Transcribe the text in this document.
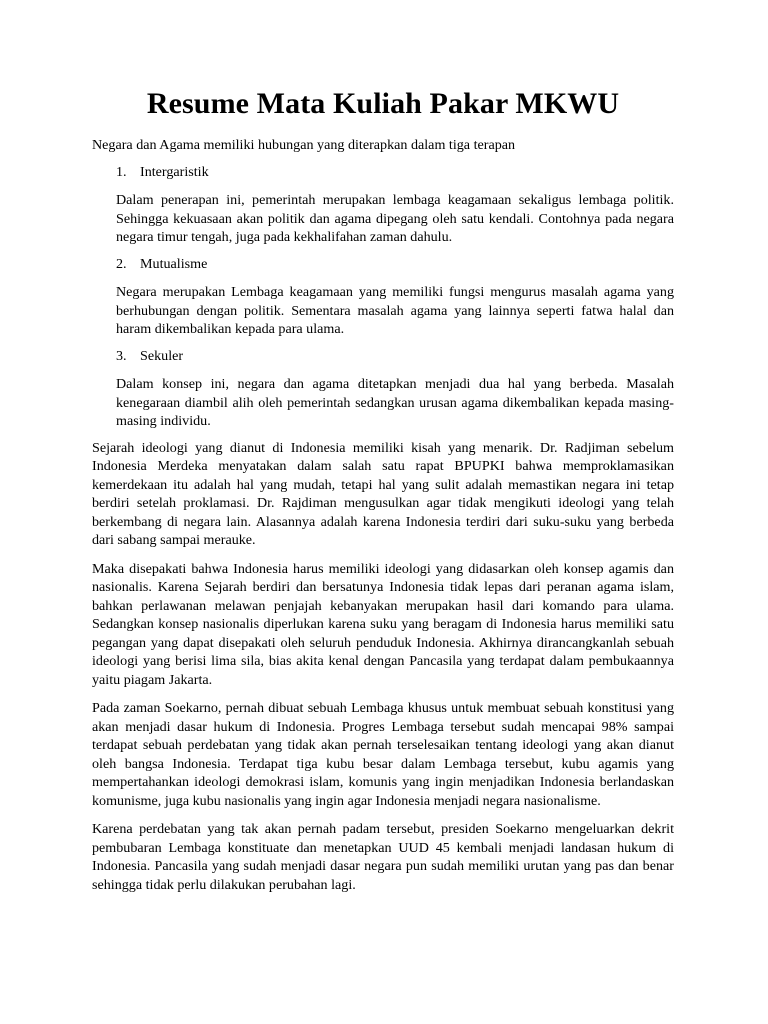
Resume Mata Kuliah Pakar MKWU

Negara dan Agama memiliki hubungan yang diterapkan dalam tiga terapan

1. Intergaristik

Dalam penerapan ini, pemerintah merupakan lembaga keagamaan sekaligus lembaga politik. Sehingga kekuasaan akan politik dan agama dipegang oleh satu kendali. Contohnya pada negara negara timur tengah, juga pada kekhalifahan zaman dahulu.

2. Mutualisme

Negara merupakan Lembaga keagamaan yang memiliki fungsi mengurus masalah agama yang berhubungan dengan politik. Sementara masalah agama yang lainnya seperti fatwa halal dan haram dikembalikan kepada para ulama.

3. Sekuler

Dalam konsep ini, negara dan agama ditetapkan menjadi dua hal yang berbeda. Masalah kenegaraan diambil alih oleh pemerintah sedangkan urusan agama dikembalikan kepada masing-masing individu.

Sejarah ideologi yang dianut di Indonesia memiliki kisah yang menarik. Dr. Radjiman sebelum Indonesia Merdeka menyatakan dalam salah satu rapat BPUPKI bahwa memproklamasikan kemerdekaan itu adalah hal yang mudah, tetapi hal yang sulit adalah memastikan negara ini tetap berdiri setelah proklamasi. Dr. Rajdiman mengusulkan agar tidak mengikuti ideologi yang telah berkembang di negara lain. Alasannya adalah karena Indonesia terdiri dari suku-suku yang berbeda dari sabang sampai merauke.

Maka disepakati bahwa Indonesia harus memiliki ideologi yang didasarkan oleh konsep agamis dan nasionalis. Karena Sejarah berdiri dan bersatunya Indonesia tidak lepas dari peranan agama islam, bahkan perlawanan melawan penjajah kebanyakan merupakan hasil dari komando para ulama. Sedangkan konsep nasionalis diperlukan karena suku yang beragam di Indonesia harus memiliki satu pegangan yang dapat disepakati oleh seluruh penduduk Indonesia. Akhirnya dirancangkanlah sebuah ideologi yang berisi lima sila, bias akita kenal dengan Pancasila yang terdapat dalam pembukaannya yaitu piagam Jakarta.

Pada zaman Soekarno, pernah dibuat sebuah Lembaga khusus untuk membuat sebuah konstitusi yang akan menjadi dasar hukum di Indonesia. Progres Lembaga tersebut sudah mencapai 98% sampai terdapat sebuah perdebatan yang tidak akan pernah terselesaikan tentang ideologi yang akan dianut oleh bangsa Indonesia. Terdapat tiga kubu besar dalam Lembaga tersebut, kubu agamis yang mempertahankan ideologi demokrasi islam, komunis yang ingin menjadikan Indonesia berlandaskan komunisme, juga kubu nasionalis yang ingin agar Indonesia menjadi negara nasionalisme.

Karena perdebatan yang tak akan pernah padam tersebut, presiden Soekarno mengeluarkan dekrit pembubaran Lembaga konstituate dan menetapkan UUD 45 kembali menjadi landasan hukum di Indonesia. Pancasila yang sudah menjadi dasar negara pun sudah memiliki urutan yang pas dan benar sehingga tidak perlu dilakukan perubahan lagi.
